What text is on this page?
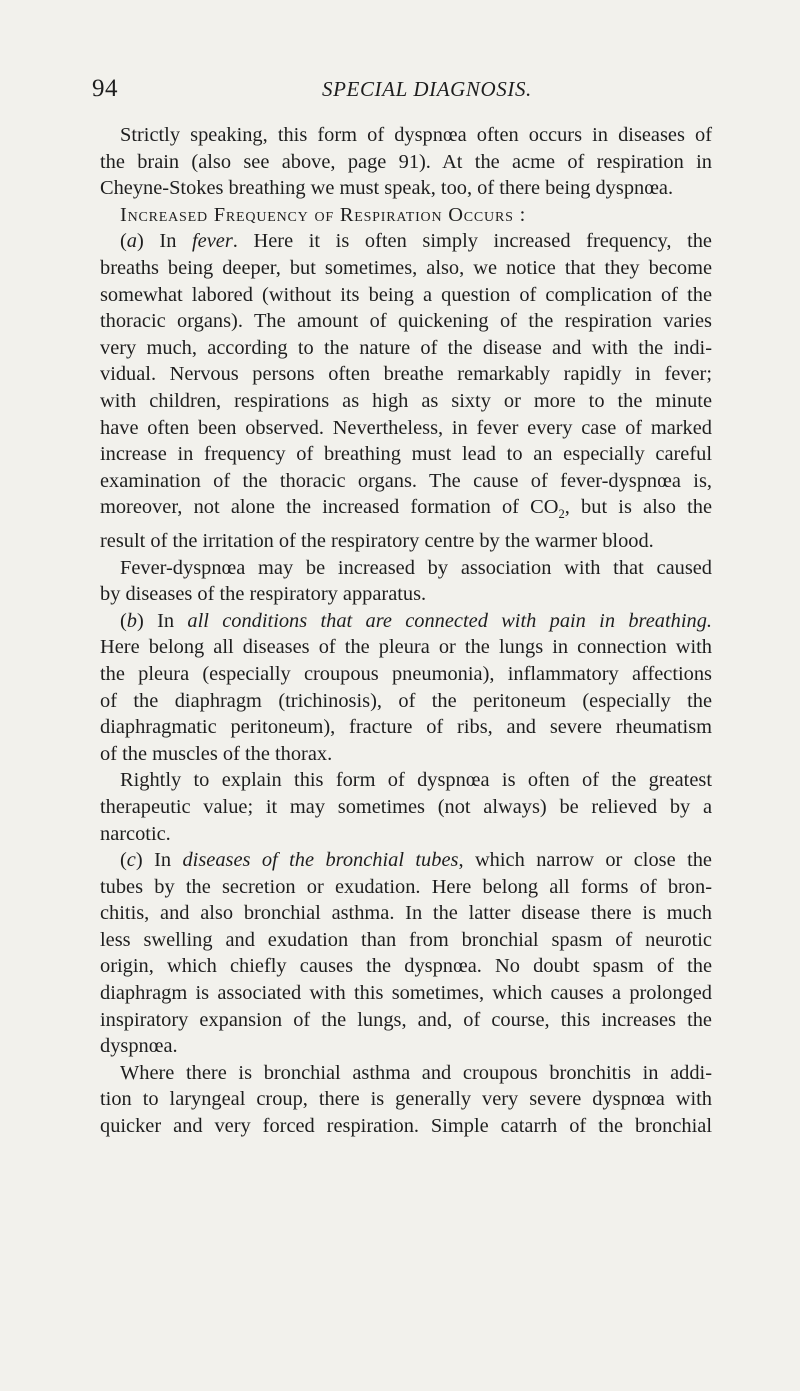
94	SPECIAL DIAGNOSIS.
Strictly speaking, this form of dyspnœa often occurs in diseases of
the brain (also see above, page 91). At the acme of respiration in
Cheyne-Stokes breathing we must speak, too, of there being dyspnœa.
Increased Frequency of Respiration Occurs :
(a) In fever. Here it is often simply increased frequency, the
breaths being deeper, but sometimes, also, we notice that they become
somewhat labored (without its being a question of complication of the
thoracic organs). The amount of quickening of the respiration varies
very much, according to the nature of the disease and with the indi-
vidual. Nervous persons often breathe remarkably rapidly in fever;
with children, respirations as high as sixty or more to the minute
have often been observed. Nevertheless, in fever every case of marked
increase in frequency of breathing must lead to an especially careful
examination of the thoracic organs. The cause of fever-dyspnœa is,
moreover, not alone the increased formation of $CO_2$, but is also the
result of the irritation of the respiratory centre by the warmer blood.
Fever-dyspnœa may be increased by association with that caused
by diseases of the respiratory apparatus.
(b) In all conditions that are connected with pain in breathing.
Here belong all diseases of the pleura or the lungs in connection with
the pleura (especially croupous pneumonia), inflammatory affections
of the diaphragm (trichinosis), of the peritoneum (especially the
diaphragmatic peritoneum), fracture of ribs, and severe rheumatism
of the muscles of the thorax.
Rightly to explain this form of dyspnœa is often of the greatest
therapeutic value; it may sometimes (not always) be relieved by a
narcotic.
(c) In diseases of the bronchial tubes, which narrow or close the
tubes by the secretion or exudation. Here belong all forms of bron-
chitis, and also bronchial asthma. In the latter disease there is much
less swelling and exudation than from bronchial spasm of neurotic
origin, which chiefly causes the dyspnœa. No doubt spasm of the
diaphragm is associated with this sometimes, which causes a prolonged
inspiratory expansion of the lungs, and, of course, this increases the
dyspnœa.
Where there is bronchial asthma and croupous bronchitis in addi-
tion to laryngeal croup, there is generally very severe dyspnœa with
quicker and very forced respiration. Simple catarrh of the bronchial
